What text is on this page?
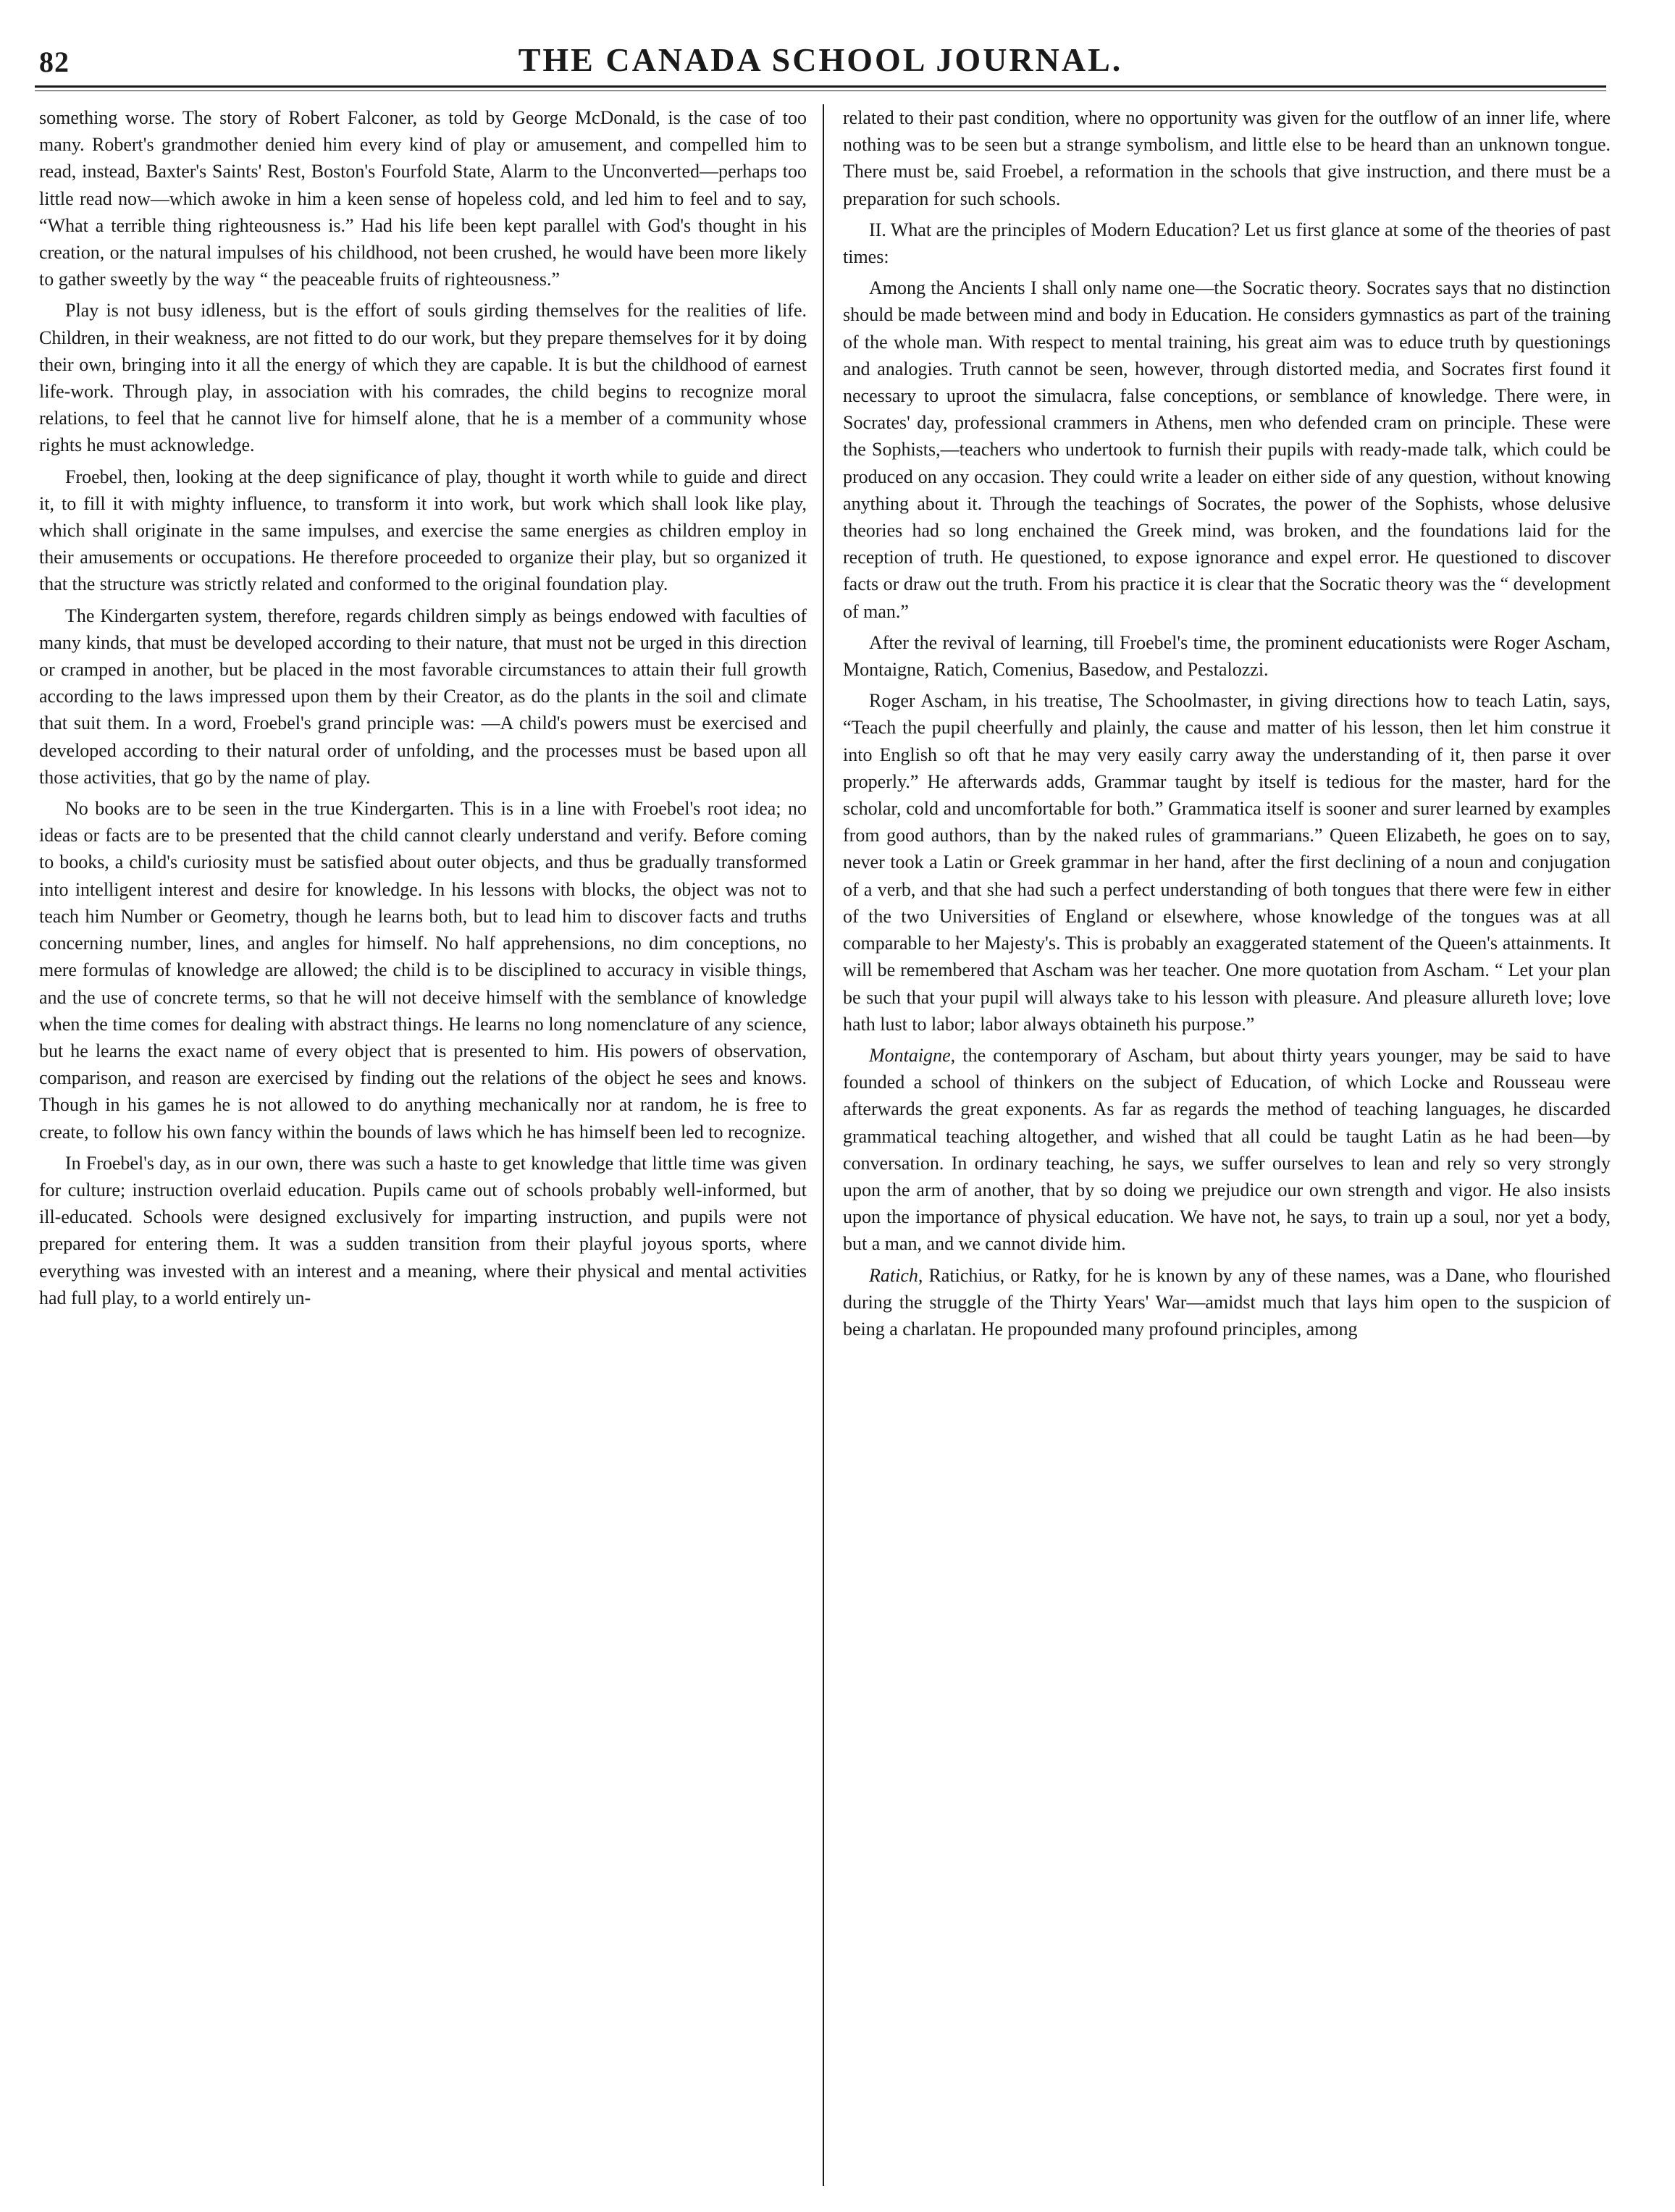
82	THE CANADA SCHOOL JOURNAL.

something worse. The story of Robert Falconer, as told by George McDonald, is the case of too many. Robert's grandmother denied him every kind of play or amusement, and compelled him to read, instead, Baxter's Saints' Rest, Boston's Fourfold State, Alarm to the Unconverted—perhaps too little read now—which awoke in him a keen sense of hopeless cold, and led him to feel and to say, “What a terrible thing righteousness is.” Had his life been kept parallel with God's thought in his creation, or the natural impulses of his childhood, not been crushed, he would have been more likely to gather sweetly by the way “ the peaceable fruits of righteousness.”

Play is not busy idleness, but is the effort of souls girding themselves for the realities of life. Children, in their weakness, are not fitted to do our work, but they prepare themselves for it by doing their own, bringing into it all the energy of which they are capable. It is but the childhood of earnest life-work. Through play, in association with his comrades, the child begins to recognize moral relations, to feel that he cannot live for himself alone, that he is a member of a community whose rights he must acknowledge.

Froebel, then, looking at the deep significance of play, thought it worth while to guide and direct it, to fill it with mighty influence, to transform it into work, but work which shall look like play, which shall originate in the same impulses, and exercise the same energies as children employ in their amusements or occupations. He therefore proceeded to organize their play, but so organized it that the structure was strictly related and conformed to the original foundation play.

The Kindergarten system, therefore, regards children simply as beings endowed with faculties of many kinds, that must be developed according to their nature, that must not be urged in this direction or cramped in another, but be placed in the most favorable circumstances to attain their full growth according to the laws impressed upon them by their Creator, as do the plants in the soil and climate that suit them. In a word, Froebel's grand principle was: —A child's powers must be exercised and developed according to their natural order of unfolding, and the processes must be based upon all those activities, that go by the name of play.

No books are to be seen in the true Kindergarten. This is in a line with Froebel's root idea; no ideas or facts are to be presented that the child cannot clearly understand and verify. Before coming to books, a child's curiosity must be satisfied about outer objects, and thus be gradually transformed into intelligent interest and desire for knowledge. In his lessons with blocks, the object was not to teach him Number or Geometry, though he learns both, but to lead him to discover facts and truths concerning number, lines, and angles for himself. No half apprehensions, no dim conceptions, no mere formulas of knowledge are allowed; the child is to be disciplined to accuracy in visible things, and the use of concrete terms, so that he will not deceive himself with the semblance of knowledge when the time comes for dealing with abstract things. He learns no long nomenclature of any science, but he learns the exact name of every object that is presented to him. His powers of observation, comparison, and reason are exercised by finding out the relations of the object he sees and knows. Though in his games he is not allowed to do anything mechanically nor at random, he is free to create, to follow his own fancy within the bounds of laws which he has himself been led to recognize.

In Froebel's day, as in our own, there was such a haste to get knowledge that little time was given for culture; instruction overlaid education. Pupils came out of schools probably well-informed, but ill-educated. Schools were designed exclusively for imparting instruction, and pupils were not prepared for entering them. It was a sudden transition from their playful joyous sports, where everything was invested with an interest and a meaning, where their physical and mental activities had full play, to a world entirely un-

related to their past condition, where no opportunity was given for the outflow of an inner life, where nothing was to be seen but a strange symbolism, and little else to be heard than an unknown tongue. There must be, said Froebel, a reformation in the schools that give instruction, and there must be a preparation for such schools.

II. What are the principles of Modern Education? Let us first glance at some of the theories of past times:

Among the Ancients I shall only name one—the Socratic theory. Socrates says that no distinction should be made between mind and body in Education. He considers gymnastics as part of the training of the whole man. With respect to mental training, his great aim was to educe truth by questionings and analogies. Truth cannot be seen, however, through distorted media, and Socrates first found it necessary to uproot the simulacra, false conceptions, or semblance of knowledge. There were, in Socrates' day, professional crammers in Athens, men who defended cram on principle. These were the Sophists,—teachers who undertook to furnish their pupils with ready-made talk, which could be produced on any occasion. They could write a leader on either side of any question, without knowing anything about it. Through the teachings of Socrates, the power of the Sophists, whose delusive theories had so long enchained the Greek mind, was broken, and the foundations laid for the reception of truth. He questioned, to expose ignorance and expel error. He questioned to discover facts or draw out the truth. From his practice it is clear that the Socratic theory was the “ development of man.”

After the revival of learning, till Froebel's time, the prominent educationists were Roger Ascham, Montaigne, Ratich, Comenius, Basedow, and Pestalozzi.

Roger Ascham, in his treatise, The Schoolmaster, in giving directions how to teach Latin, says, “Teach the pupil cheerfully and plainly, the cause and matter of his lesson, then let him construe it into English so oft that he may very easily carry away the understanding of it, then parse it over properly.” He afterwards adds, Grammar taught by itself is tedious for the master, hard for the scholar, cold and uncomfortable for both.” Grammatica itself is sooner and surer learned by examples from good authors, than by the naked rules of grammarians.” Queen Elizabeth, he goes on to say, never took a Latin or Greek grammar in her hand, after the first declining of a noun and conjugation of a verb, and that she had such a perfect understanding of both tongues that there were few in either of the two Universities of England or elsewhere, whose knowledge of the tongues was at all comparable to her Majesty's. This is probably an exaggerated statement of the Queen's attainments. It will be remembered that Ascham was her teacher. One more quotation from Ascham. “ Let your plan be such that your pupil will always take to his lesson with pleasure. And pleasure allureth love; love hath lust to labor; labor always obtaineth his purpose.”

Montaigne, the contemporary of Ascham, but about thirty years younger, may be said to have founded a school of thinkers on the subject of Education, of which Locke and Rousseau were afterwards the great exponents. As far as regards the method of teaching languages, he discarded grammatical teaching altogether, and wished that all could be taught Latin as he had been—by conversation. In ordinary teaching, he says, we suffer ourselves to lean and rely so very strongly upon the arm of another, that by so doing we prejudice our own strength and vigor. He also insists upon the importance of physical education. We have not, he says, to train up a soul, nor yet a body, but a man, and we cannot divide him.

Ratich, Ratichius, or Ratky, for he is known by any of these names, was a Dane, who flourished during the struggle of the Thirty Years' War—amidst much that lays him open to the suspicion of being a charlatan. He propounded many profound principles, among
